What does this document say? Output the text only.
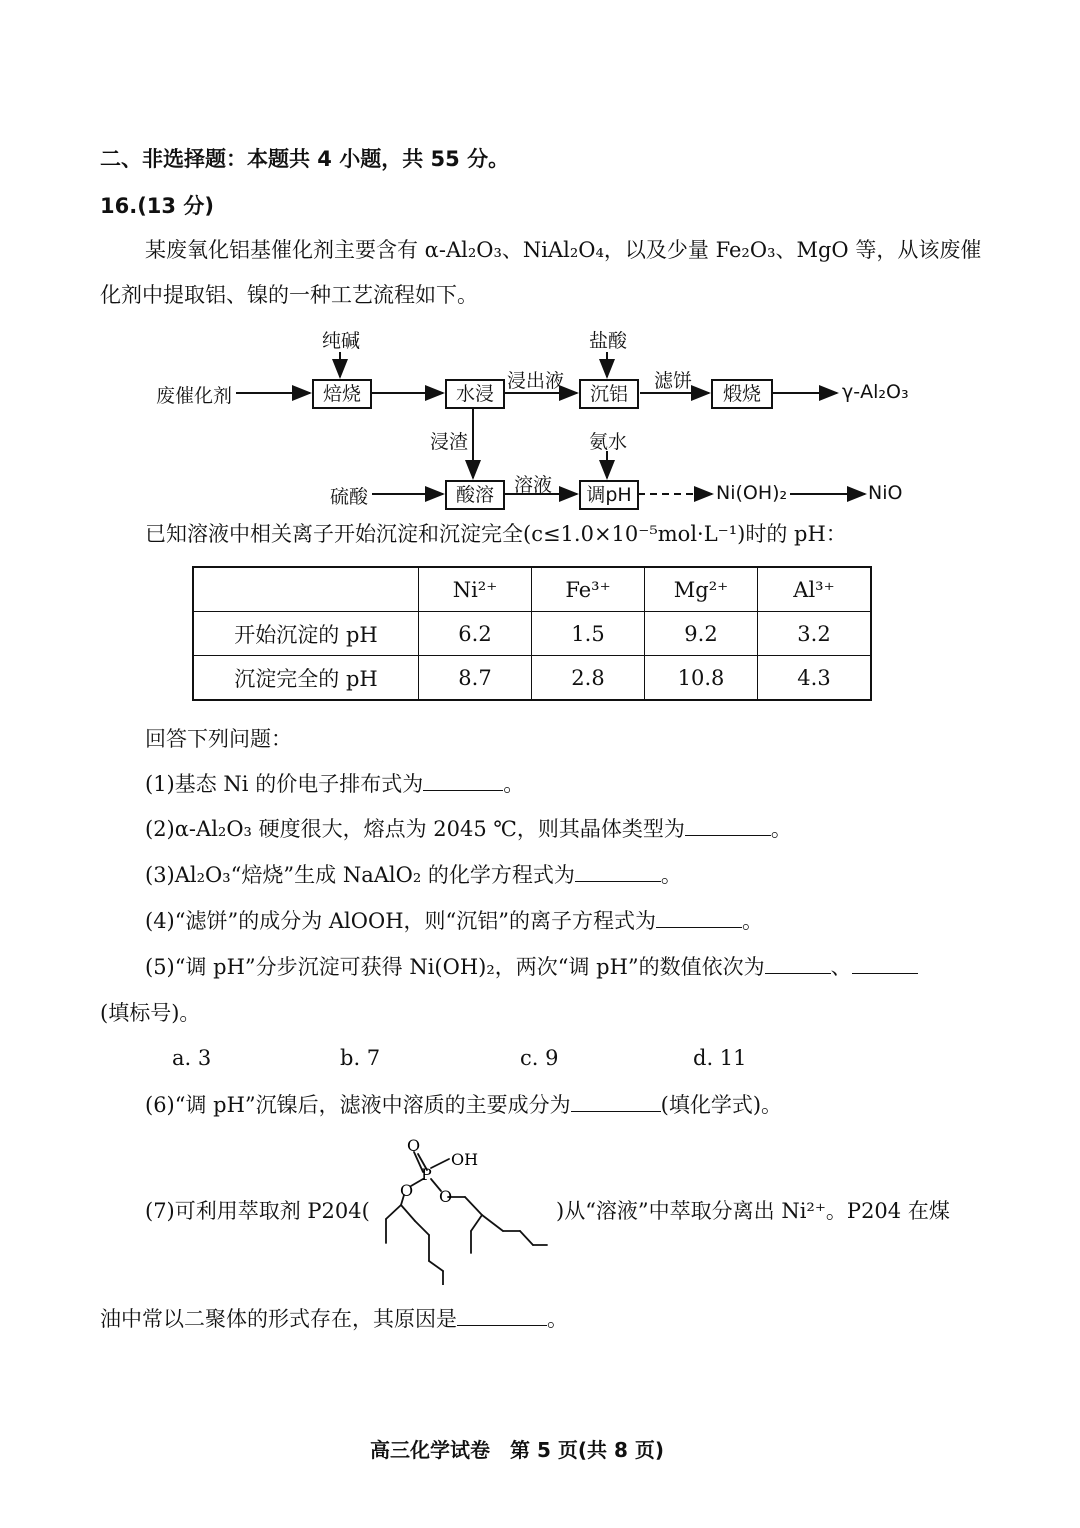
二、非选择题：本题共 4 小题，共 55 分。
16.(13 分)
某废氧化铝基催化剂主要含有 α-Al₂O₃、NiAl₂O₄，以及少量 Fe₂O₃、MgO 等，从该废催
化剂中提取铝、镍的一种工艺流程如下。
纯碱	盐酸
废催化剂	焙烧	水浸
浸出液
沉铝
滤饼
煅烧	γ-Al₂O₃
浸渣	氨水
硫酸	酸溶	溶液	调pH	Ni(OH)₂	NiO
已知溶液中相关离子开始沉淀和沉淀完全(c≤1.0×10⁻⁵mol·L⁻¹)时的 pH：
	Ni²⁺	Fe³⁺	Mg²⁺	Al³⁺
开始沉淀的 pH	6.2	1.5	9.2	3.2
沉淀完全的 pH	8.7	2.8	10.8	4.3
回答下列问题：
(1)基态 Ni 的价电子排布式为	。
(2)α-Al₂O₃ 硬度很大，熔点为 2045 ℃，则其晶体类型为	。
(3)Al₂O₃“焙烧”生成 NaAlO₂ 的化学方程式为	。
(4)“滤饼”的成分为 AlOOH，则“沉铝”的离子方程式为	。
(5)“调 pH”分步沉淀可获得 Ni(OH)₂，两次“调 pH”的数值依次为	、
(填标号)。
a. 3	b. 7	c. 9	d. 11
(6)“调 pH”沉镍后，滤液中溶质的主要成分为	(填化学式)。
(7)可利用萃取剂 P204(
O
P
OH
O O
)从“溶液”中萃取分离出 Ni²⁺。P204 在煤
油中常以二聚体的形式存在，其原因是	。
高三化学试卷　第 5 页(共 8 页)
